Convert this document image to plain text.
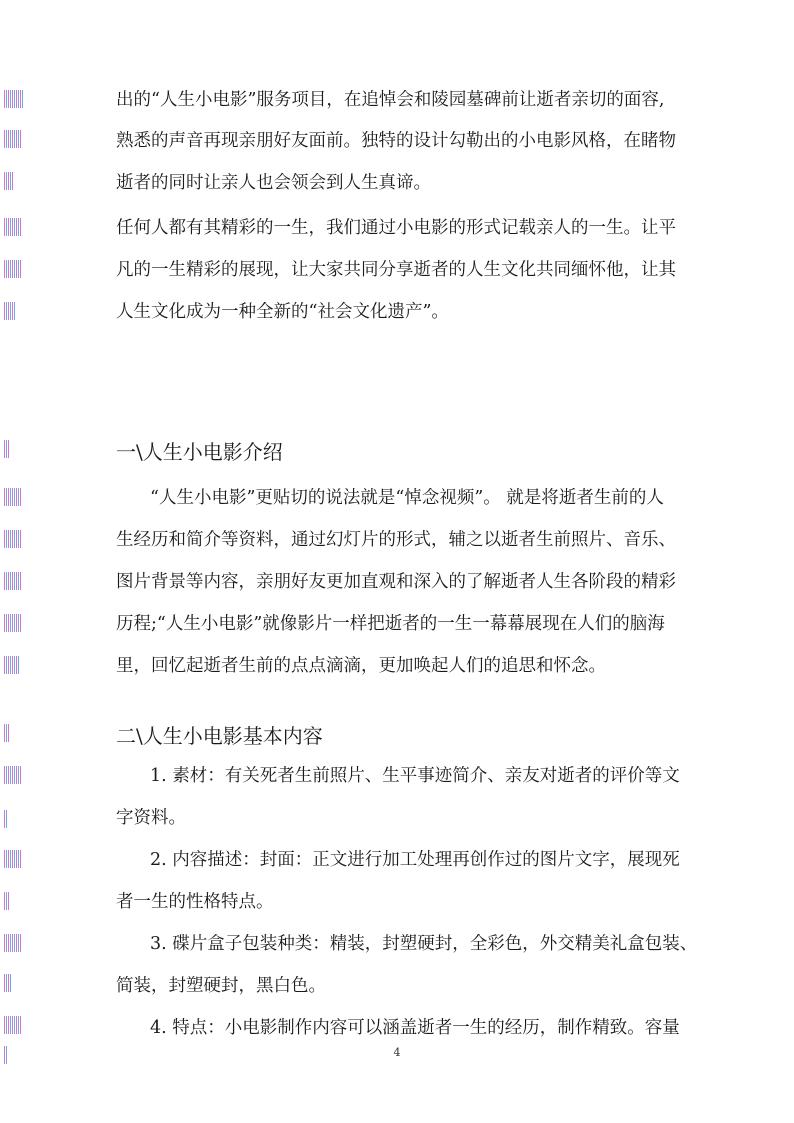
出的“人生小电影”服务项目，在追悼会和陵园墓碑前让逝者亲切的面容,
熟悉的声音再现亲朋好友面前。独特的设计勾勒出的小电影风格，在睹物
逝者的同时让亲人也会领会到人生真谛。
任何人都有其精彩的一生，我们通过小电影的形式记载亲人的一生。让平
凡的一生精彩的展现，让大家共同分享逝者的人生文化共同缅怀他，让其
人生文化成为一种全新的“社会文化遗产”。
一\人生小电影介绍
“人生小电影”更贴切的说法就是“悼念视频”。 就是将逝者生前的人
生经历和简介等资料，通过幻灯片的形式，辅之以逝者生前照片、音乐、
图片背景等内容，亲朋好友更加直观和深入的了解逝者人生各阶段的精彩
历程;“人生小电影”就像影片一样把逝者的一生一幕幕展现在人们的脑海
里，回忆起逝者生前的点点滴滴，更加唤起人们的追思和怀念。
二\人生小电影基本内容
1. 素材：有关死者生前照片、生平事迹简介、亲友对逝者的评价等文
字资料。
2. 内容描述：封面：正文进行加工处理再创作过的图片文字，展现死
者一生的性格特点。
3. 碟片盒子包装种类：精装，封塑硬封，全彩色，外交精美礼盒包装、
简装，封塑硬封，黑白色。
4. 特点：小电影制作内容可以涵盖逝者一生的经历，制作精致。容量
4
